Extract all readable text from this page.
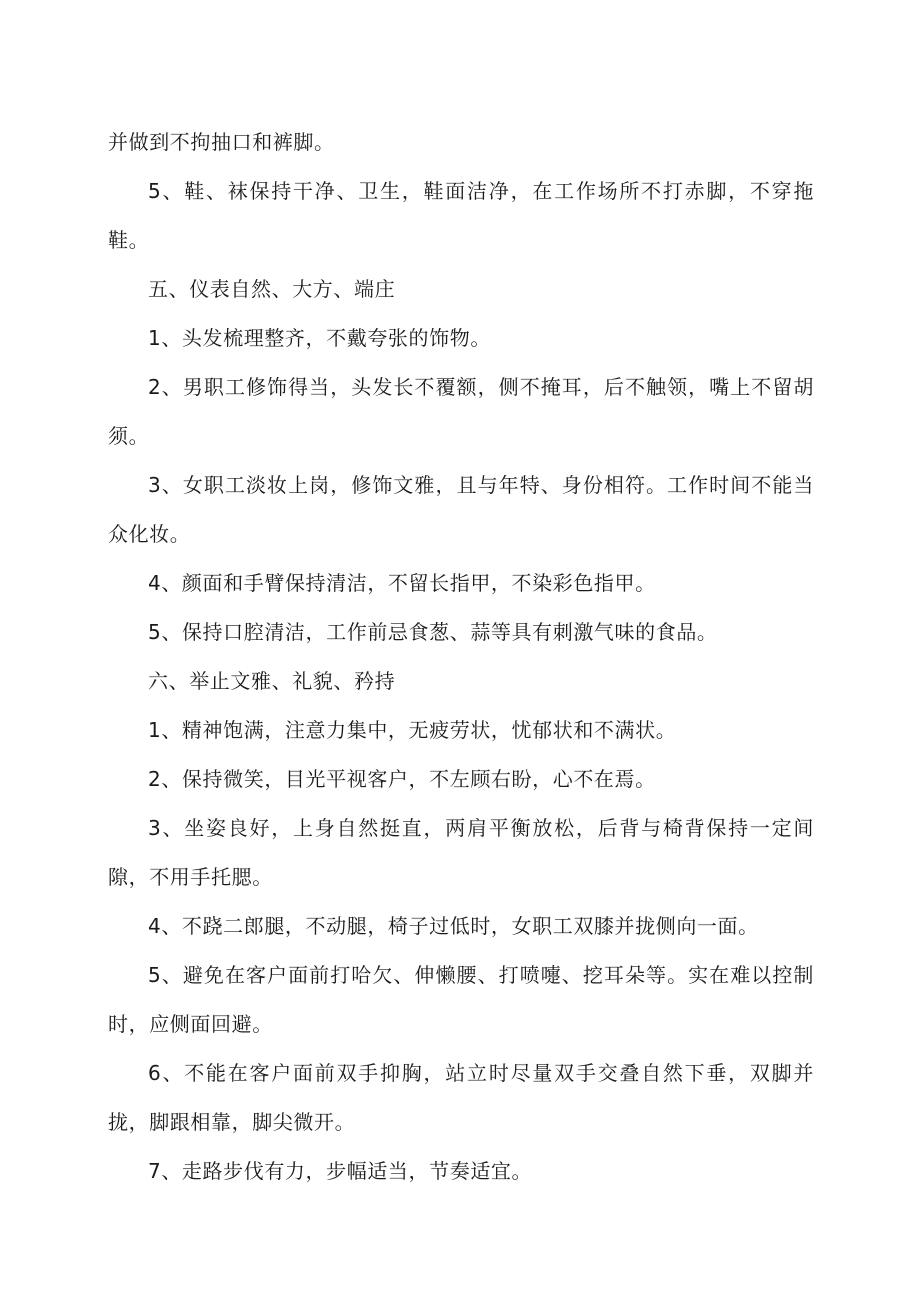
并做到不拘抽口和裤脚。

5、鞋、袜保持干净、卫生，鞋面洁净，在工作场所不打赤脚，不穿拖鞋。

五、仪表自然、大方、端庄

1、头发梳理整齐，不戴夸张的饰物。

2、男职工修饰得当，头发长不覆额，侧不掩耳，后不触领，嘴上不留胡须。

3、女职工淡妆上岗，修饰文雅，且与年特、身份相符。工作时间不能当众化妆。

4、颜面和手臂保持清洁，不留长指甲，不染彩色指甲。

5、保持口腔清洁，工作前忌食葱、蒜等具有刺激气味的食品。

六、举止文雅、礼貌、矜持

1、精神饱满，注意力集中，无疲劳状，忧郁状和不满状。

2、保持微笑，目光平视客户，不左顾右盼，心不在焉。

3、坐姿良好，上身自然挺直，两肩平衡放松，后背与椅背保持一定间隙，不用手托腮。

4、不跷二郎腿，不动腿，椅子过低时，女职工双膝并拢侧向一面。

5、避免在客户面前打哈欠、伸懒腰、打喷嚏、挖耳朵等。实在难以控制时，应侧面回避。

6、不能在客户面前双手抑胸，站立时尽量双手交叠自然下垂，双脚并拢，脚跟相靠，脚尖微开。

7、走路步伐有力，步幅适当，节奏适宜。
